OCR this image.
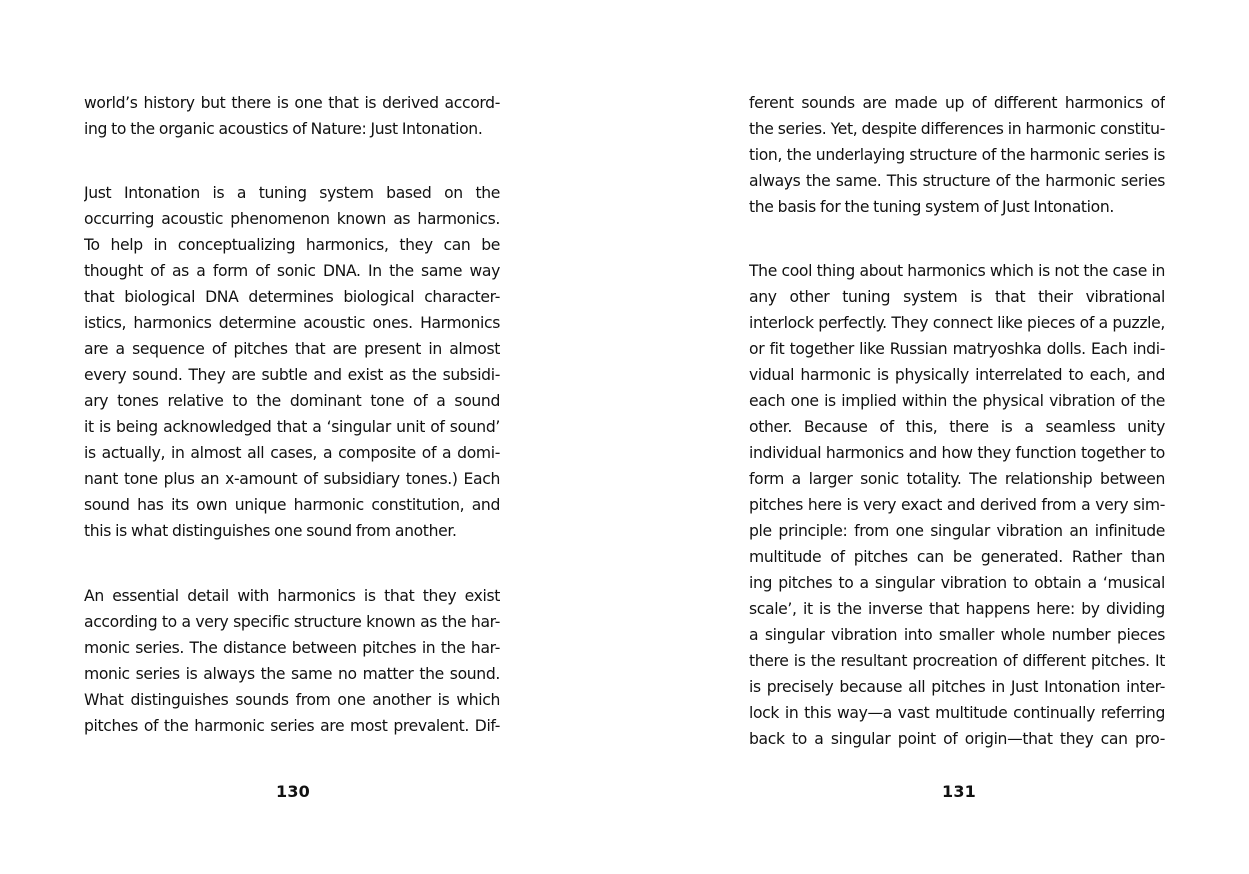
world’s history but there is one that is derived accord-
ing to the organic acoustics of Nature: Just Intonation.
Just Intonation is a tuning system based on the
occurring acoustic phenomenon known as harmonics.
To help in conceptualizing harmonics, they can be
thought of as a form of sonic DNA. In the same way
that biological DNA determines biological character-
istics, harmonics determine acoustic ones. Harmonics
are a sequence of pitches that are present in almost
every sound. They are subtle and exist as the subsidi-
ary tones relative to the dominant tone of a sound
it is being acknowledged that a ‘singular unit of sound’
is actually, in almost all cases, a composite of a domi-
nant tone plus an x-amount of subsidiary tones.) Each
sound has its own unique harmonic constitution, and
this is what distinguishes one sound from another.
An essential detail with harmonics is that they exist
according to a very specific structure known as the har-
monic series. The distance between pitches in the har-
monic series is always the same no matter the sound.
What distinguishes sounds from one another is which
pitches of the harmonic series are most prevalent. Dif-
130
ferent sounds are made up of different harmonics of
the series. Yet, despite differences in harmonic constitu-
tion, the underlaying structure of the harmonic series is
always the same. This structure of the harmonic series
the basis for the tuning system of Just Intonation.
The cool thing about harmonics which is not the case in
any other tuning system is that their vibrational
interlock perfectly. They connect like pieces of a puzzle,
or fit together like Russian matryoshka dolls. Each indi-
vidual harmonic is physically interrelated to each, and
each one is implied within the physical vibration of the
other. Because of this, there is a seamless unity
individual harmonics and how they function together to
form a larger sonic totality. The relationship between
pitches here is very exact and derived from a very sim-
ple principle: from one singular vibration an infinitude
multitude of pitches can be generated. Rather than
ing pitches to a singular vibration to obtain a ‘musical
scale’, it is the inverse that happens here: by dividing
a singular vibration into smaller whole number pieces
there is the resultant procreation of different pitches. It
is precisely because all pitches in Just Intonation inter-
lock in this way—a vast multitude continually referring
back to a singular point of origin—that they can pro-
131
